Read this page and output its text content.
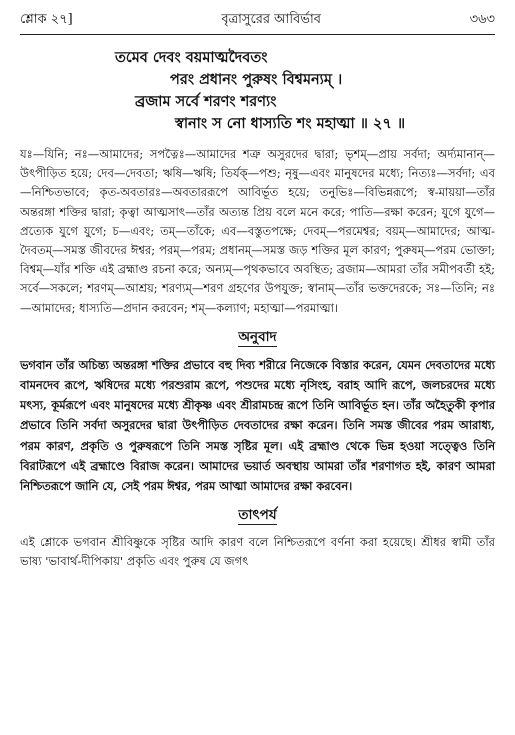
শ্লোক ২৭]	বৃত্রাসুরের আবির্ভাব	৩৬৩
তমেব দেবং বয়মাত্মদৈবতং
পরং প্রধানং পুরুষং বিশ্বমন্যম্ ।
ব্রজাম সর্বে শরণং শরণ্যং
স্বানাং স নো ধাস্যতি শং মহাত্মা ॥ ২৭ ॥
যঃ—যিনি; নঃ—আমাদের; সপত্নৈঃ—আমাদের শত্রু অসুরদের দ্বারা; ভৃশম্—প্রায় সর্বদা; অর্দ্যমানান্—উৎপীড়িত হয়ে; দেব—দেবতা; ঋষি—ঋষি; তির্যক্—পশু; নৃষু—এবং মানুষদের মধ্যে; নিত্যঃ—সর্বদা; এব—নিশ্চিতভাবে; কৃত-অবতারঃ—অবতাররূপে আবির্ভূত হয়ে; তনুভিঃ—বিভিন্নরূপে; স্ব-মায়য়া—তাঁর অন্তরঙ্গা শক্তির দ্বারা; কৃত্বা আত্মসাৎ—তাঁর অত্যন্ত প্রিয় বলে মনে করে; পাতি—রক্ষা করেন; যুগে যুগে—প্রত্যেক যুগে যুগে; চ—এবং; তম্—তাঁকে; এব—বস্তুতপক্ষে; দেবম্—পরমেশ্বর; বয়ম্—আমাদের; আত্ম-দৈবতম্—সমস্ত জীবদের ঈশ্বর; পরম্—পরম; প্রধানম্—সমস্ত জড় শক্তির মূল কারণ; পুরুষম্—পরম ভোক্তা; বিশ্বম্—যাঁর শক্তি এই ব্রহ্মাণ্ড রচনা করে; অন্যম্—পৃথকভাবে অবস্থিত; ব্রজাম—আমরা তাঁর সমীপবর্তী হই; সর্বে—সকলে; শরণম্—আশ্রয়; শরণ্যম্—শরণ গ্রহণের উপযুক্ত; স্বানাম্—তাঁর ভক্তদেরকে; সঃ—তিনি; নঃ—আমাদের; ধাস্যতি—প্রদান করবেন; শম্—কল্যাণ; মহাত্মা—পরমাত্মা।
অনুবাদ
ভগবান তাঁর অচিন্ত্য অন্তরঙ্গা শক্তির প্রভাবে বহু দিব্য শরীরে নিজেকে বিস্তার করেন, যেমন দেবতাদের মধ্যে বামনদেব রূপে, ঋষিদের মধ্যে পরশুরাম রূপে, পশুদের মধ্যে নৃসিংহ, বরাহ আদি রূপে, জলচরদের মধ্যে মৎস্য, কূর্মরূপে এবং মানুষদের মধ্যে শ্রীকৃষ্ণ এবং শ্রীরামচন্দ্র রূপে তিনি আবির্ভূত হন। তাঁর অহৈতুকী কৃপার প্রভাবে তিনি সর্বদা অসুরদের দ্বারা উৎপীড়িত দেবতাদের রক্ষা করেন। তিনি সমস্ত জীবের পরম আরাধ্য, পরম কারণ, প্রকৃতি ও পুরুষরূপে তিনি সমস্ত সৃষ্টির মূল। এই ব্রহ্মাণ্ড থেকে ভিন্ন হওয়া সত্ত্বেও তিনি বিরাটরূপে এই ব্রহ্মাণ্ডে বিরাজ করেন। আমাদের ভয়ার্ত অবস্থায় আমরা তাঁর শরণাগত হই, কারণ আমরা নিশ্চিতরূপে জানি যে, সেই পরম ঈশ্বর, পরম আত্মা আমাদের রক্ষা করবেন।
তাৎপর্য
এই শ্লোকে ভগবান শ্রীবিষ্ণুকে সৃষ্টির আদি কারণ বলে নিশ্চিতরূপে বর্ণনা করা হয়েছে। শ্রীধর স্বামী তাঁর ভাষ্য 'ভাবার্থ-দীপিকায়' প্রকৃতি এবং পুরুষ যে জগৎ
